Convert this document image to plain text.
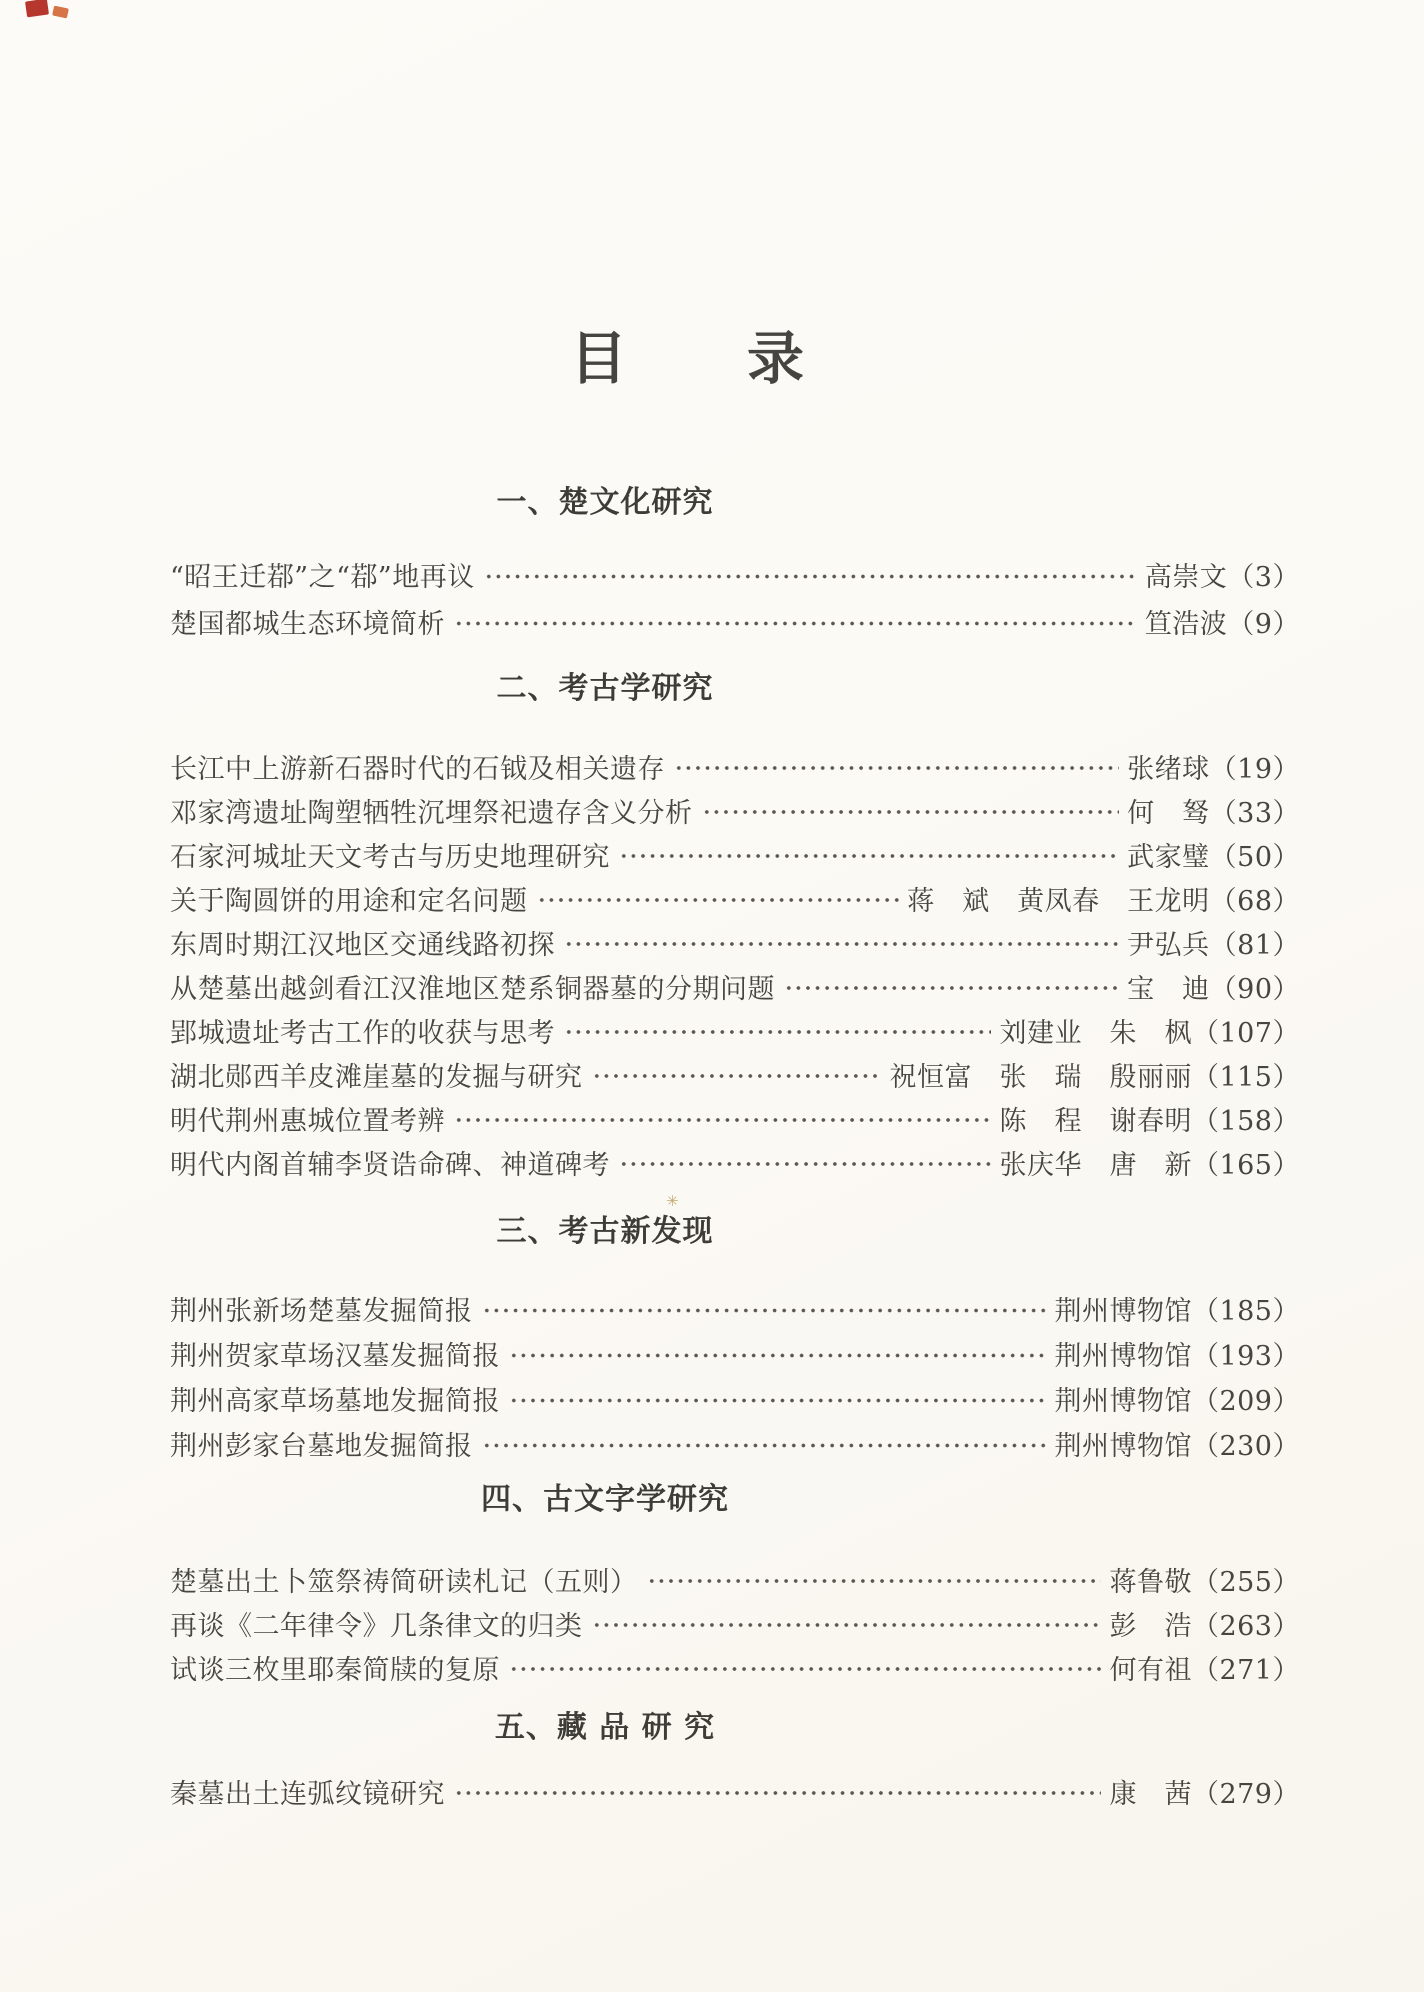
✳
目　　录
一、楚文化研究
“昭王迁鄀”之“鄀”地再议	高崇文（3）
楚国都城生态环境简析	笪浩波（9）
二、考古学研究
长江中上游新石器时代的石钺及相关遗存	张绪球（19）
邓家湾遗址陶塑牺牲沉埋祭祀遗存含义分析	何　驽（33）
石家河城址天文考古与历史地理研究	武家璧（50）
关于陶圆饼的用途和定名问题	蒋　斌　黄凤春　王龙明（68）
东周时期江汉地区交通线路初探	尹弘兵（81）
从楚墓出越剑看江汉淮地区楚系铜器墓的分期问题	宝　迪（90）
郢城遗址考古工作的收获与思考	刘建业　朱　枫（107）
湖北郧西羊皮滩崖墓的发掘与研究	祝恒富　张　瑞　殷丽丽（115）
明代荆州惠城位置考辨	陈　程　谢春明（158）
明代内阁首辅李贤诰命碑、神道碑考	张庆华　唐　新（165）
三、考古新发现
荆州张新场楚墓发掘简报	荆州博物馆（185）
荆州贺家草场汉墓发掘简报	荆州博物馆（193）
荆州高家草场墓地发掘简报	荆州博物馆（209）
荆州彭家台墓地发掘简报	荆州博物馆（230）
四、古文字学研究
楚墓出土卜筮祭祷简研读札记（五则）	蒋鲁敬（255）
再谈《二年律令》几条律文的归类	彭　浩（263）
试谈三枚里耶秦简牍的复原	何有祖（271）
五、藏 品 研 究
秦墓出土连弧纹镜研究	康　茜（279）
